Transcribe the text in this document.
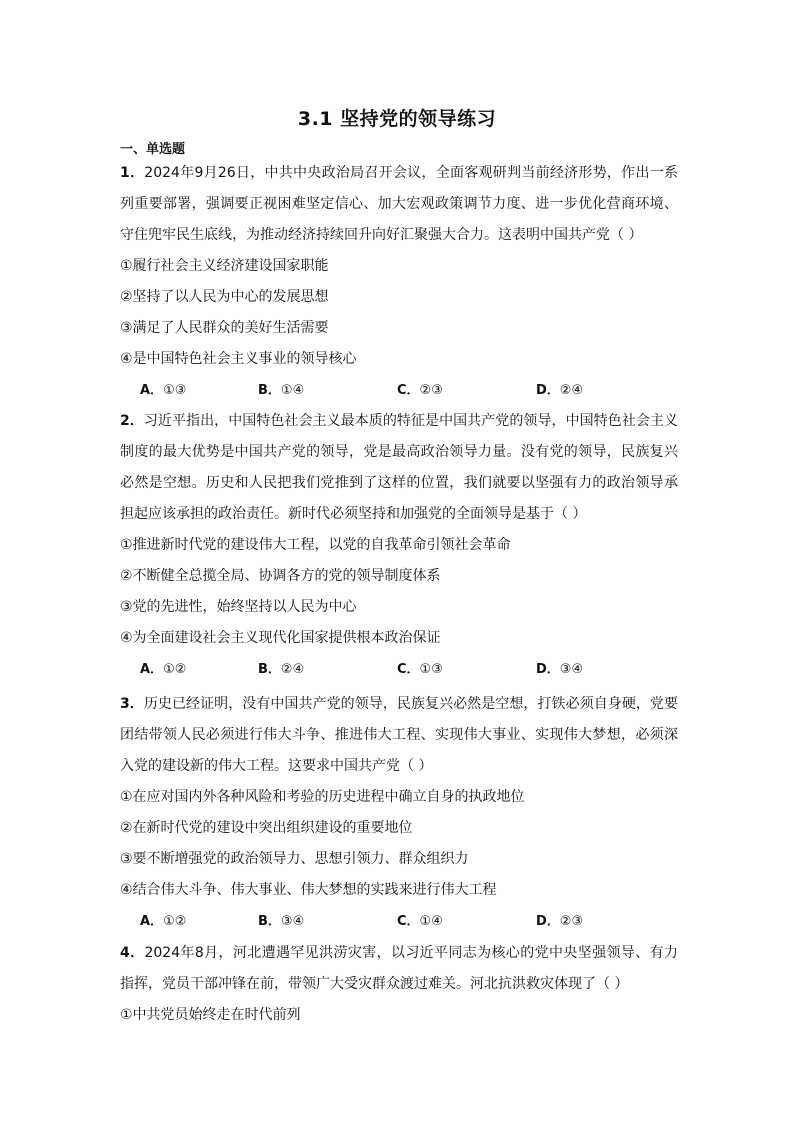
3.1 坚持党的领导练习
一、单选题

1．2024年9月26日，中共中央政治局召开会议，全面客观研判当前经济形势，作出一系列重要部署，强调要正视困难坚定信心、加大宏观政策调节力度、进一步优化营商环境、守住兜牢民生底线，为推动经济持续回升向好汇聚强大合力。这表明中国共产党（ ）

①履行社会主义经济建设国家职能

②坚持了以人民为中心的发展思想

③满足了人民群众的美好生活需要

④是中国特色社会主义事业的领导核心

A．①③	B．①④	C．②③	D．②④

2．习近平指出，中国特色社会主义最本质的特征是中国共产党的领导，中国特色社会主义制度的最大优势是中国共产党的领导，党是最高政治领导力量。没有党的领导，民族复兴必然是空想。历史和人民把我们党推到了这样的位置，我们就要以坚强有力的政治领导承担起应该承担的政治责任。新时代必须坚持和加强党的全面领导是基于（ ）

①推进新时代党的建设伟大工程，以党的自我革命引领社会革命

②不断健全总揽全局、协调各方的党的领导制度体系

③党的先进性，始终坚持以人民为中心

④为全面建设社会主义现代化国家提供根本政治保证

A．①②	B．②④	C．①③	D．③④

3．历史已经证明，没有中国共产党的领导，民族复兴必然是空想，打铁必须自身硬，党要团结带领人民必须进行伟大斗争、推进伟大工程、实现伟大事业、实现伟大梦想，必须深入党的建设新的伟大工程。这要求中国共产党（ ）

①在应对国内外各种风险和考验的历史进程中确立自身的执政地位

②在新时代党的建设中突出组织建设的重要地位

③要不断增强党的政治领导力、思想引领力、群众组织力

④结合伟大斗争、伟大事业、伟大梦想的实践来进行伟大工程

A．①②	B．③④	C．①④	D．②③

4．2024年8月，河北遭遇罕见洪涝灾害，以习近平同志为核心的党中央坚强领导、有力指挥，党员干部冲锋在前，带领广大受灾群众渡过难关。河北抗洪救灾体现了（ ）

①中共党员始终走在时代前列
